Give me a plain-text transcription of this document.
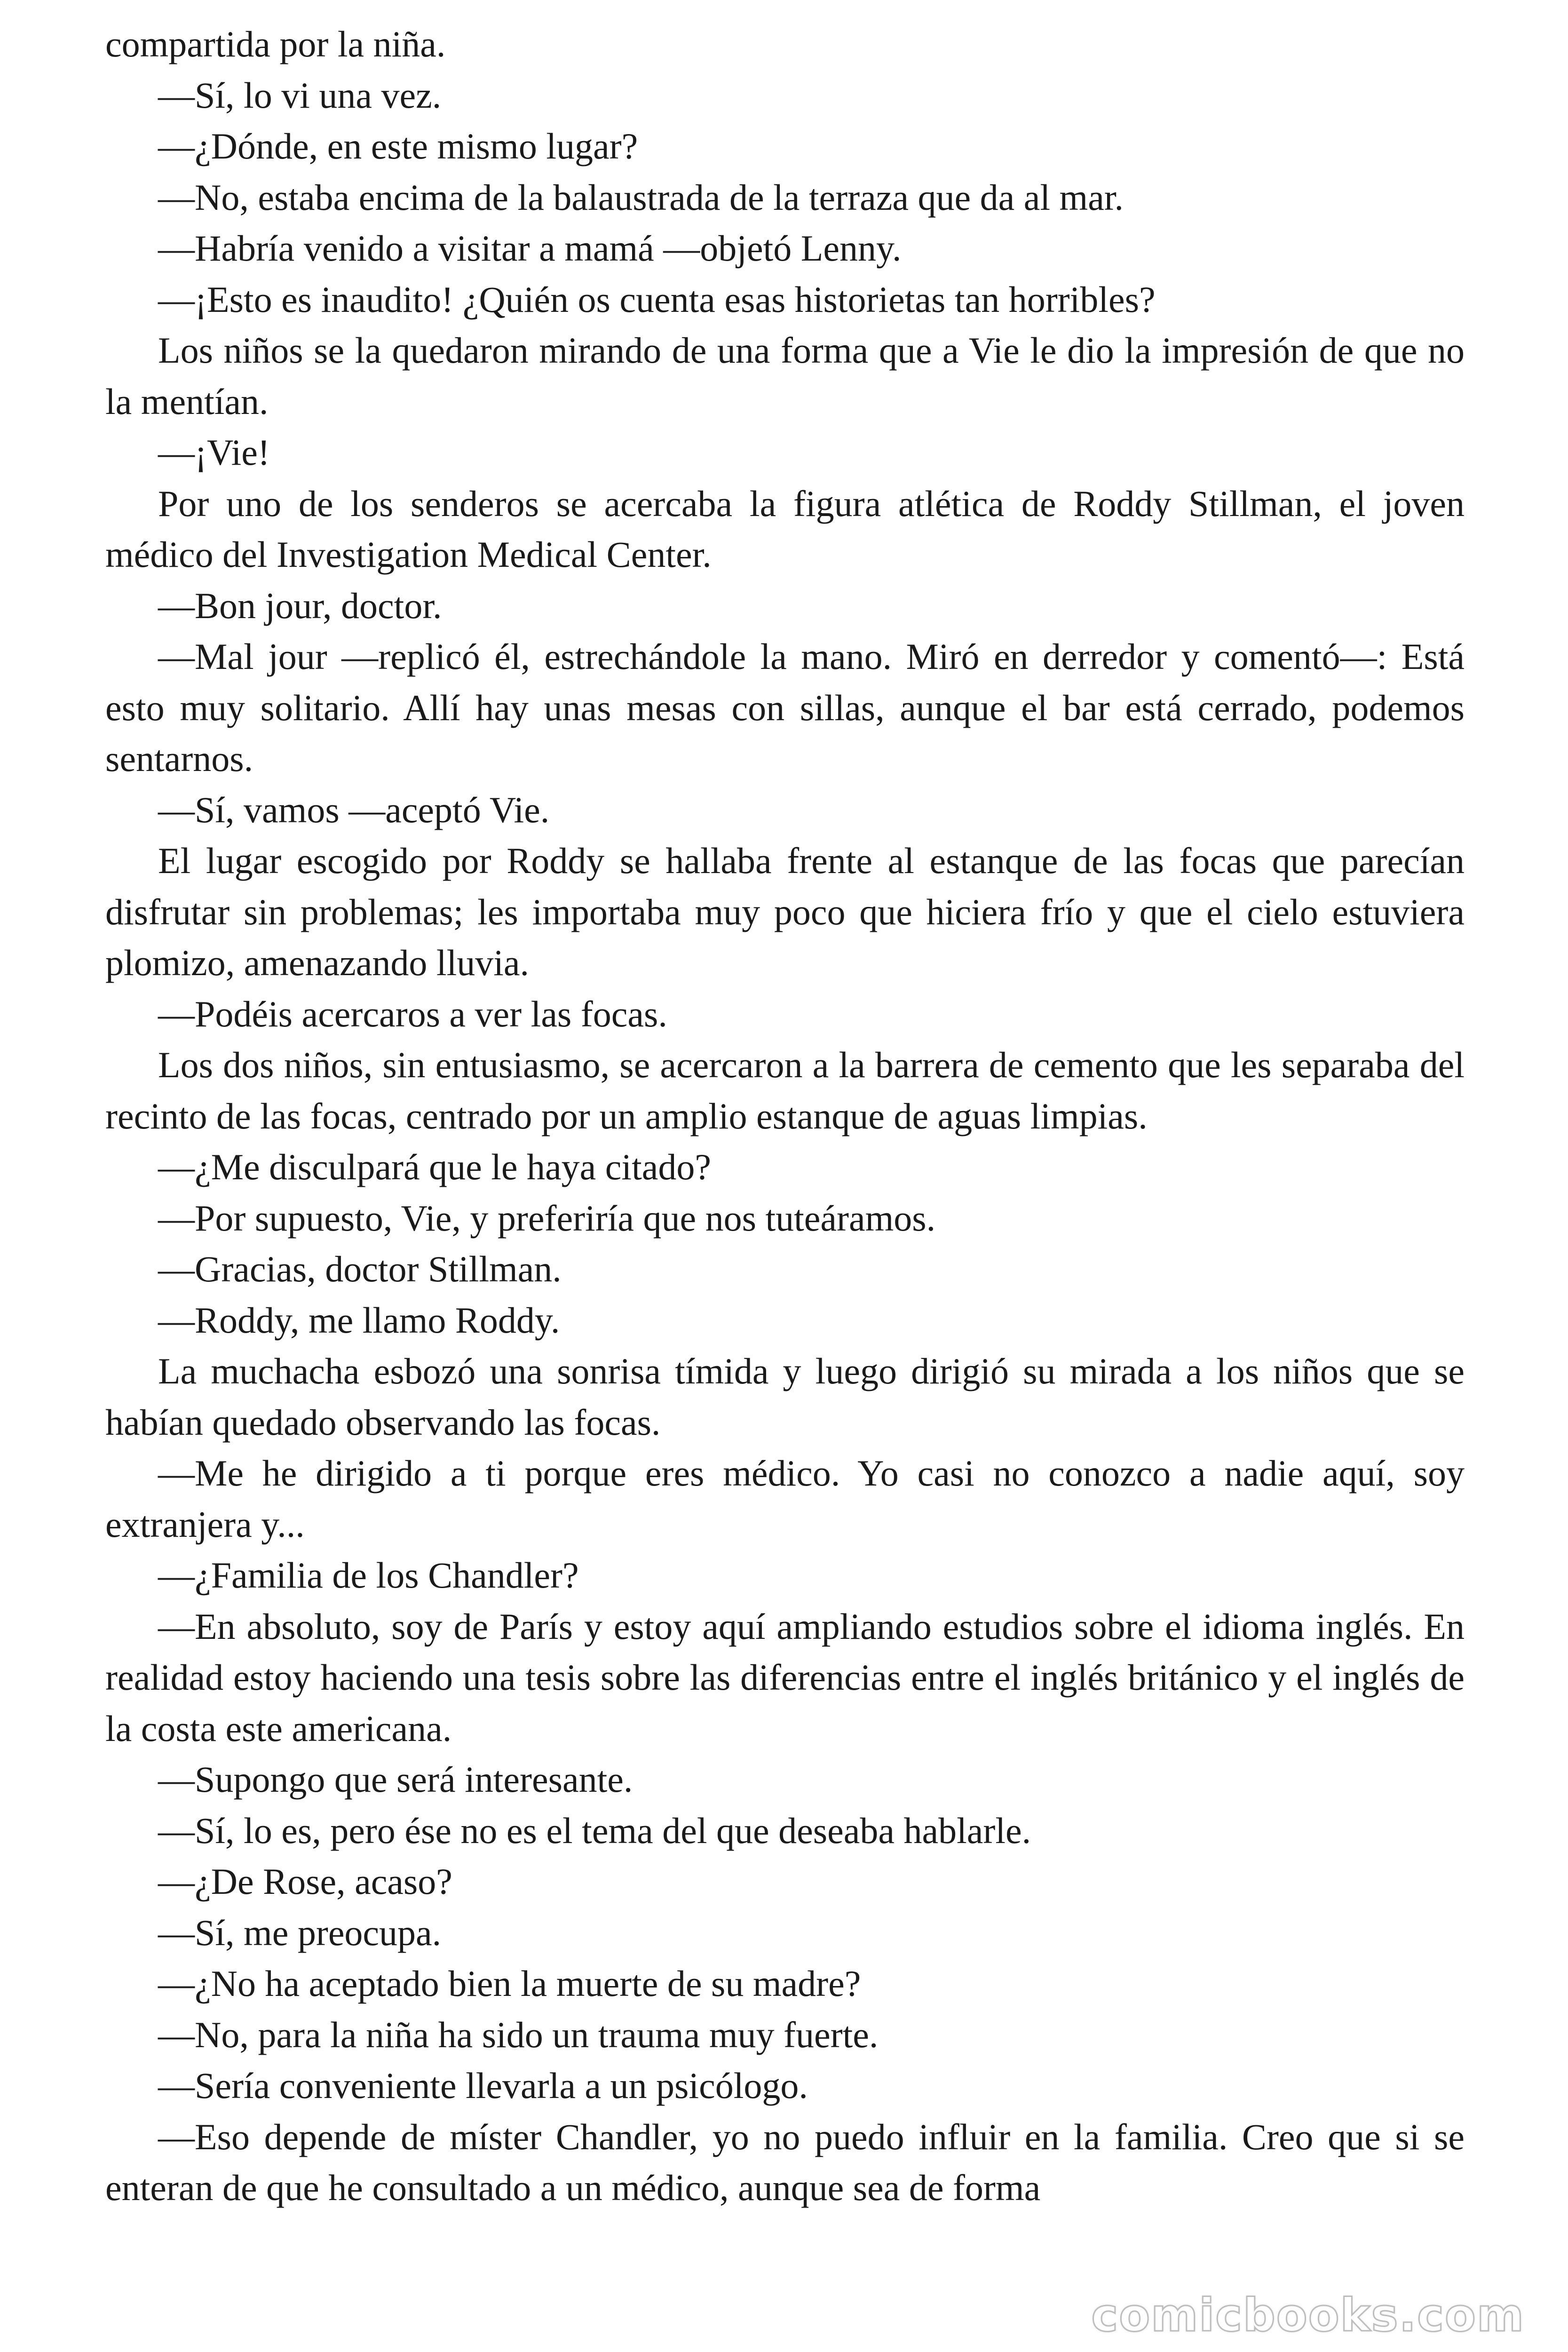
compartida por la niña.

—Sí, lo vi una vez.

—¿Dónde, en este mismo lugar?

—No, estaba encima de la balaustrada de la terraza que da al mar.

—Habría venido a visitar a mamá —objetó Lenny.

—¡Esto es inaudito! ¿Quién os cuenta esas historietas tan horribles?

Los niños se la quedaron mirando de una forma que a Vie le dio la impresión de que no la mentían.

—¡Vie!

Por uno de los senderos se acercaba la figura atlética de Roddy Stillman, el joven médico del Investigation Medical Center.

—Bon jour, doctor.

—Mal jour —replicó él, estrechándole la mano. Miró en derredor y comentó—: Está esto muy solitario. Allí hay unas mesas con sillas, aunque el bar está cerrado, podemos sentarnos.

—Sí, vamos —aceptó Vie.

El lugar escogido por Roddy se hallaba frente al estanque de las focas que parecían disfrutar sin problemas; les importaba muy poco que hiciera frío y que el cielo estuviera plomizo, amenazando lluvia.

—Podéis acercaros a ver las focas.

Los dos niños, sin entusiasmo, se acercaron a la barrera de cemento que les separaba del recinto de las focas, centrado por un amplio estanque de aguas limpias.

—¿Me disculpará que le haya citado?

—Por supuesto, Vie, y preferiría que nos tuteáramos.

—Gracias, doctor Stillman.

—Roddy, me llamo Roddy.

La muchacha esbozó una sonrisa tímida y luego dirigió su mirada a los niños que se habían quedado observando las focas.

—Me he dirigido a ti porque eres médico. Yo casi no conozco a nadie aquí, soy extranjera y...

—¿Familia de los Chandler?

—En absoluto, soy de París y estoy aquí ampliando estudios sobre el idioma inglés. En realidad estoy haciendo una tesis sobre las diferencias entre el inglés británico y el inglés de la costa este americana.

—Supongo que será interesante.

—Sí, lo es, pero ése no es el tema del que deseaba hablarle.

—¿De Rose, acaso?

—Sí, me preocupa.

—¿No ha aceptado bien la muerte de su madre?

—No, para la niña ha sido un trauma muy fuerte.

—Sería conveniente llevarla a un psicólogo.

—Eso depende de míster Chandler, yo no puedo influir en la familia. Creo que si se enteran de que he consultado a un médico, aunque sea de forma

comicbooks.com
